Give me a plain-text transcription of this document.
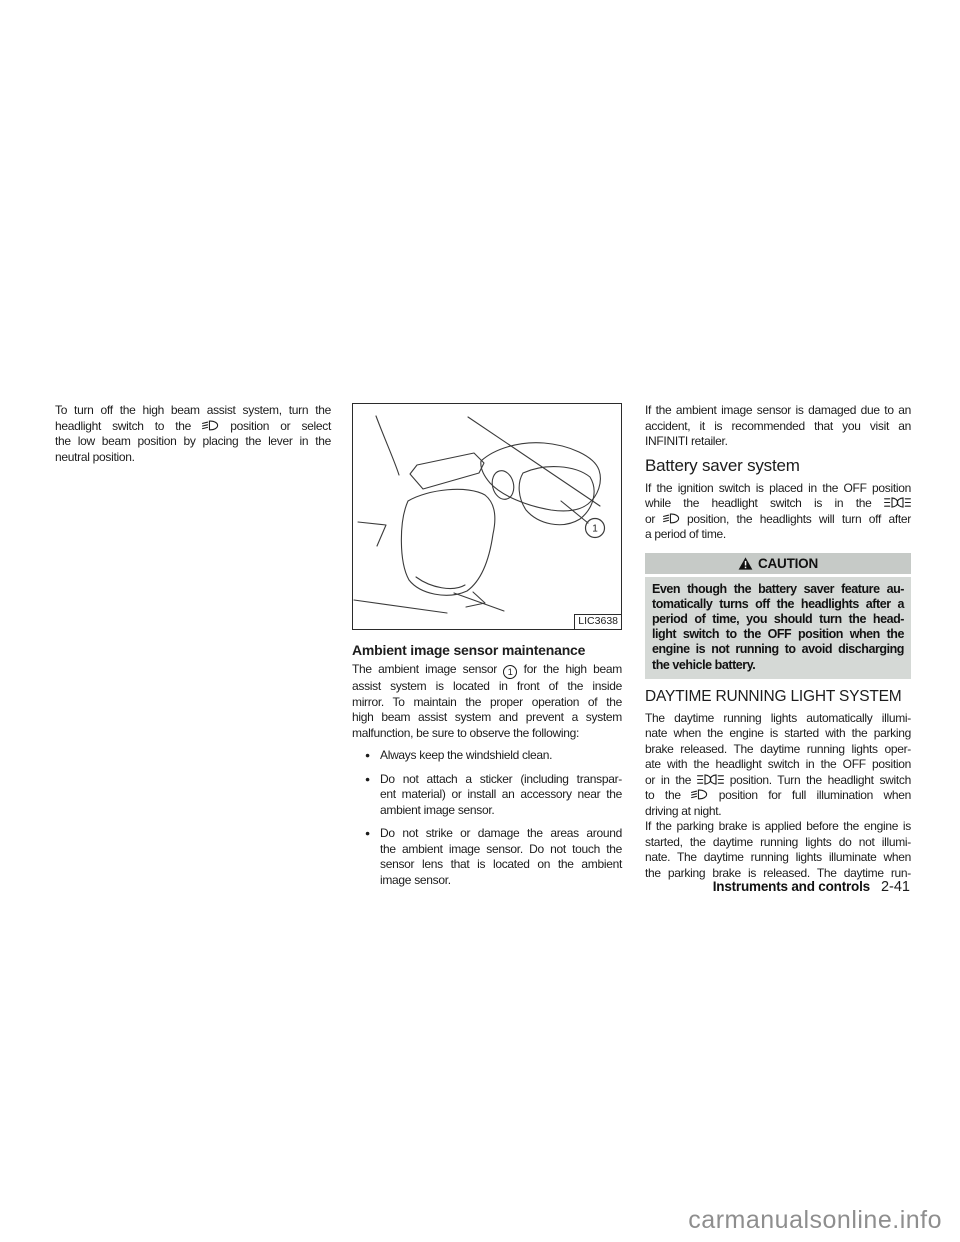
To turn off the high beam assist system, turn the
headlight switch to the  position or select
the low beam position by placing the lever in the
neutral position.
1
LIC3638
Ambient image sensor maintenance
The ambient image sensor 1 for the high beam
assist system is located in front of the inside
mirror. To maintain the proper operation of the
high beam assist system and prevent a system
malfunction, be sure to observe the following:
● Always keep the windshield clean.
● Do not attach a sticker (including transpar-
ent material) or install an accessory near the
ambient image sensor.
● Do not strike or damage the areas around
the ambient image sensor. Do not touch the
sensor lens that is located on the ambient
image sensor.
If the ambient image sensor is damaged due to an
accident, it is recommended that you visit an
INFINITI retailer.
Battery saver system
If the ignition switch is placed in the OFF position
while the headlight switch is in the
or  position, the headlights will turn off after
a period of time.
CAUTION
Even though the battery saver feature au-
tomatically turns off the headlights after a
period of time, you should turn the head-
light switch to the OFF position when the
engine is not running to avoid discharging
the vehicle battery.
DAYTIME RUNNING LIGHT SYSTEM
The daytime running lights automatically illumi-
nate when the engine is started with the parking
brake released. The daytime running lights oper-
ate with the headlight switch in the OFF position
or in the  position. Turn the headlight switch
to the  position for full illumination when
driving at night.
If the parking brake is applied before the engine is
started, the daytime running lights do not illumi-
nate. The daytime running lights illuminate when
the parking brake is released. The daytime run-
Instruments and controls 2-41
carmanualsonline.info
